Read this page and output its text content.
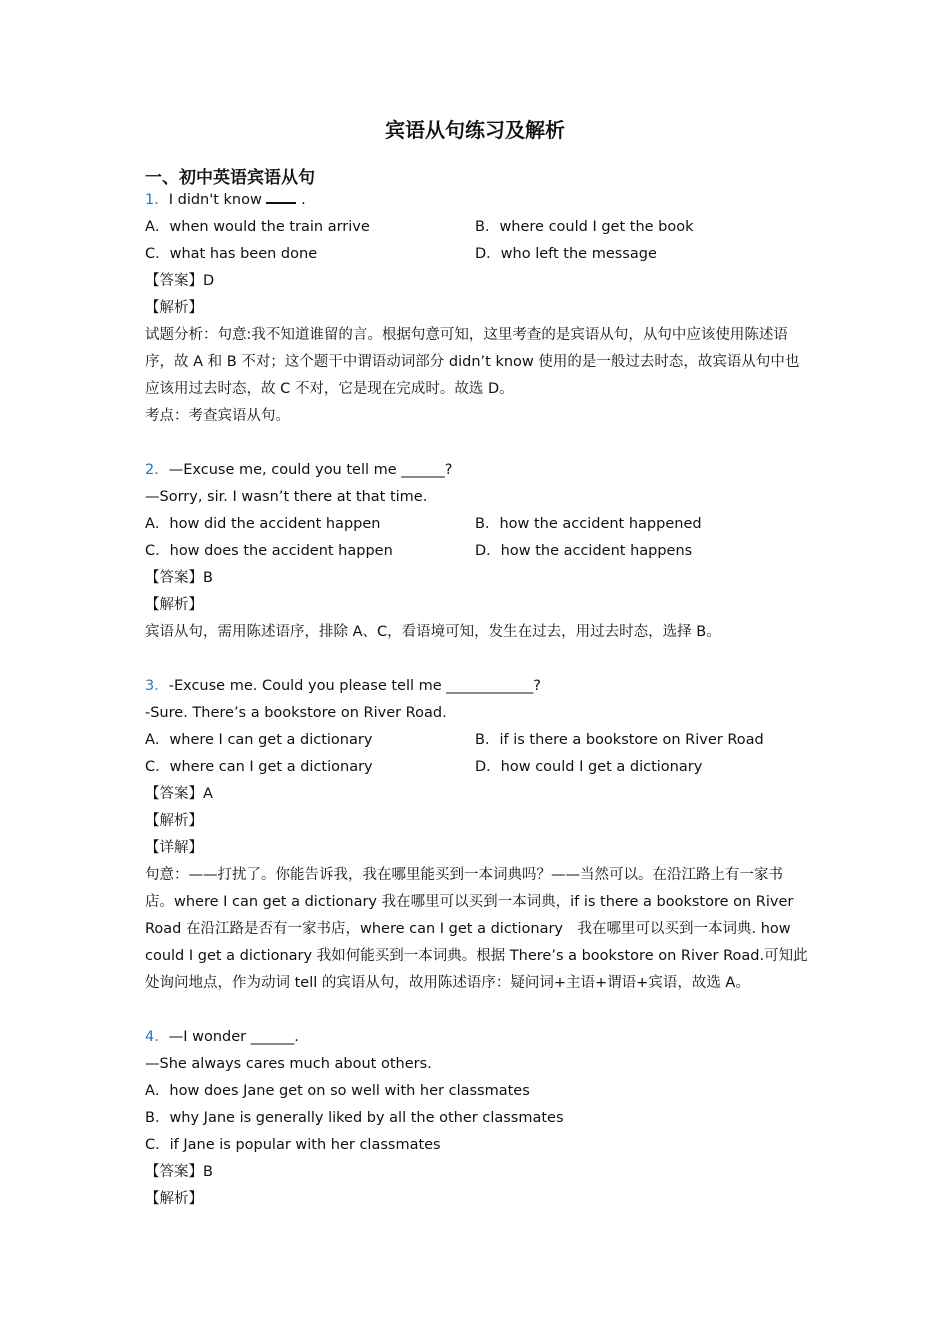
宾语从句练习及解析
一、初中英语宾语从句
1．I didn't know  .
A．when would the train arrive	B．where could I get the book
C．what has been done	D．who left the message
【答案】D
【解析】
试题分析：句意:我不知道谁留的言。根据句意可知，这里考查的是宾语从句，从句中应该使用陈述语序，故 A 和 B 不对；这个题干中谓语动词部分 didn’t know 使用的是一般过去时态，故宾语从句中也应该用过去时态，故 C 不对，它是现在完成时。故选 D。
考点：考查宾语从句。
2．—Excuse me, could you tell me ______?
—Sorry, sir. I wasn’t there at that time.
A．how did the accident happen	B．how the accident happened
C．how does the accident happen	D．how the accident happens
【答案】B
【解析】
宾语从句，需用陈述语序，排除 A、C，看语境可知，发生在过去，用过去时态，选择 B。
3．-Excuse me. Could you please tell me ____________?
-Sure. There’s a bookstore on River Road.
A．where I can get a dictionary	B．if is there a bookstore on River Road
C．where can I get a dictionary	D．how could I get a dictionary
【答案】A
【解析】
【详解】
句意：——打扰了。你能告诉我，我在哪里能买到一本词典吗？——当然可以。在沿江路上有一家书店。where I can get a dictionary 我在哪里可以买到一本词典，if is there a bookstore on River Road 在沿江路是否有一家书店，where can I get a dictionary　我在哪里可以买到一本词典. how could I get a dictionary 我如何能买到一本词典。根据 There’s a bookstore on River Road.可知此处询问地点，作为动词 tell 的宾语从句，故用陈述语序：疑问词+主语+谓语+宾语，故选 A。
4．—I wonder ______.
—She always cares much about others.
A．how does Jane get on so well with her classmates
B．why Jane is generally liked by all the other classmates
C．if Jane is popular with her classmates
【答案】B
【解析】
